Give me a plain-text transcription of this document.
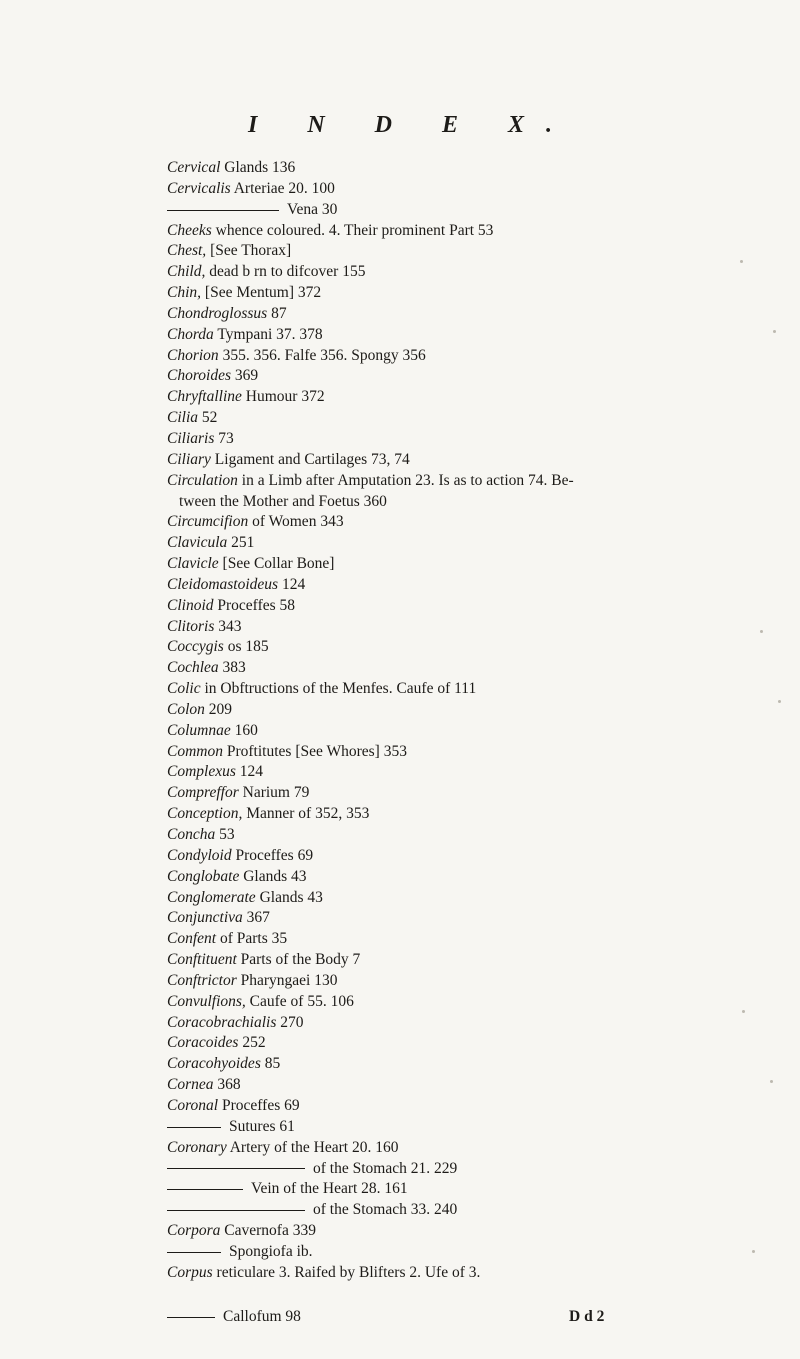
I N D E X.
Cervical Glands 136
Cervicalis Arteriae 20. 100
Vena 30
Cheeks whence coloured. 4. Their prominent Part 53
Chest, [See Thorax]
Child, dead b rn to difcover 155
Chin, [See Mentum] 372
Chondroglossus 87
Chorda Tympani 37. 378
Chorion 355. 356. Falfe 356. Spongy 356
Choroides 369
Chryftalline Humour 372
Cilia 52
Ciliaris 73
Ciliary Ligament and Cartilages 73, 74
Circulation in a Limb after Amputation 23. Is as to action 74. Be-
tween the Mother and Foetus 360
Circumcifion of Women 343
Clavicula 251
Clavicle [See Collar Bone]
Cleidomastoideus 124
Clinoid Proceffes 58
Clitoris 343
Coccygis os 185
Cochlea 383
Colic in Obftructions of the Menfes. Caufe of 111
Colon 209
Columnae 160
Common Proftitutes [See Whores] 353
Complexus 124
Compreffor Narium 79
Conception, Manner of 352, 353
Concha 53
Condyloid Proceffes 69
Conglobate Glands 43
Conglomerate Glands 43
Conjunctiva 367
Confent of Parts 35
Conftituent Parts of the Body 7
Conftrictor Pharyngaei 130
Convulfions, Caufe of 55. 106
Coracobrachialis 270
Coracoides 252
Coracohyoides 85
Cornea 368
Coronal Proceffes 69
Sutures 61
Coronary Artery of the Heart 20. 160
of the Stomach 21. 229
Vein of the Heart 28. 161
of the Stomach 33. 240
Corpora Cavernofa 339
Spongiofa ib.
Corpus reticulare 3. Raifed by Blifters 2. Ufe of 3.
Callofum 98	D d 2
